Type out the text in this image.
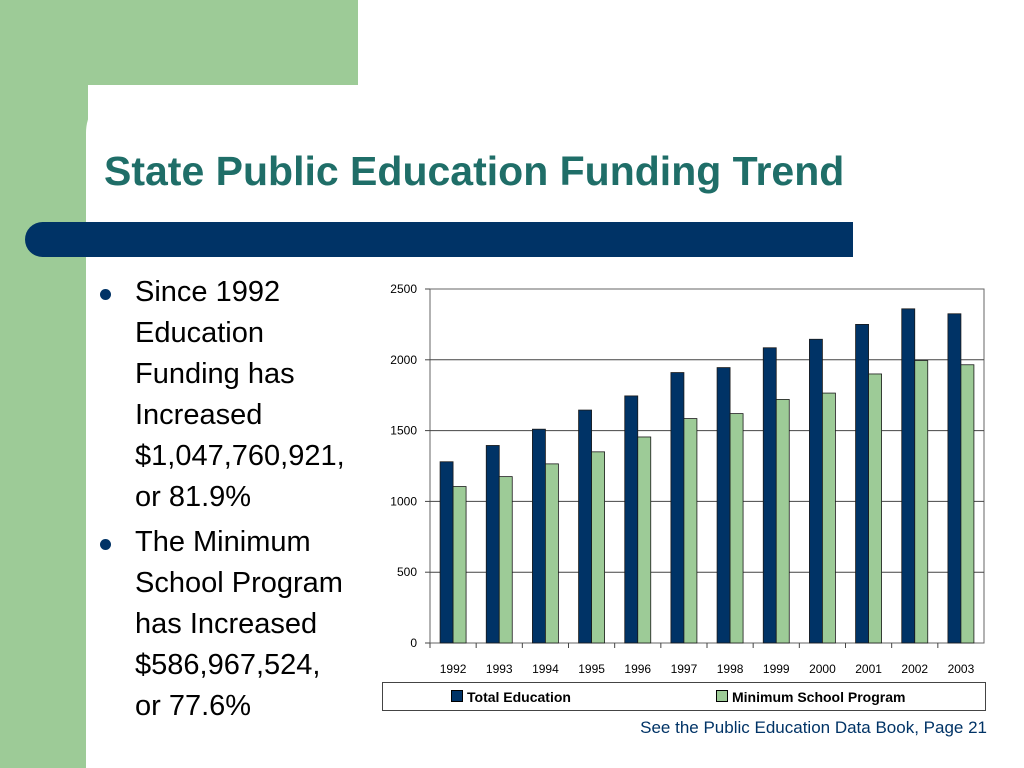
State Public Education Funding Trend
Since 1992
Education
Funding has
Increased
$1,047,760,921,
or 81.9%
The Minimum
School Program
has Increased
$586,967,524,
or 77.6%
0
500
1000
1500
2000
2500
1992 1993 1994 1995 1996 1997 1998 1999 2000 2001 2002 2003
Total Education	Minimum School Program
See the Public Education Data Book, Page 21
